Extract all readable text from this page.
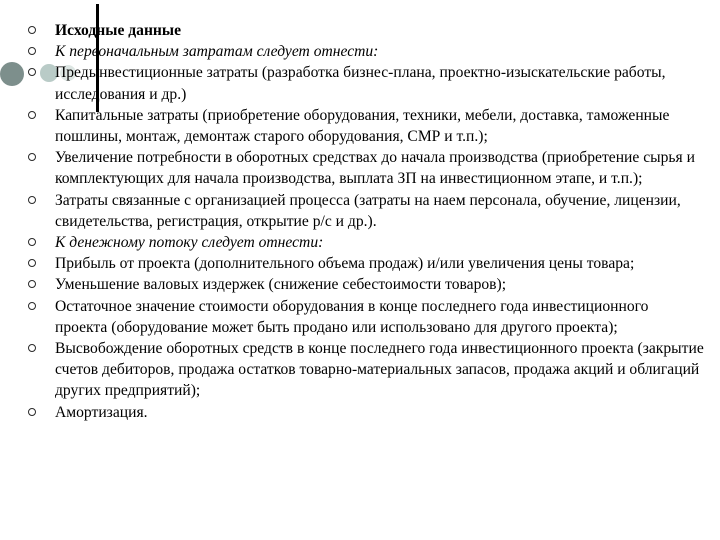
Исходные данные
К первоначальным затратам следует отнести:
Предынвестиционные затраты (разработка бизнес-плана, проектно-изыскательские работы, исследования и др.)
Капитальные затраты (приобретение оборудования, техники, мебели, доставка, таможенные пошлины, монтаж, демонтаж старого оборудования, СМР и т.п.);
Увеличение потребности в оборотных средствах до начала производства (приобретение сырья и комплектующих для начала производства, выплата ЗП на инвестиционном этапе, и т.п.);
Затраты связанные с организацией процесса (затраты на наем персонала, обучение, лицензии, свидетельства, регистрация, открытие р/с и др.).
К денежному потоку следует отнести:
Прибыль от проекта (дополнительного объема продаж) и/или увеличения цены товара;
Уменьшение валовых издержек (снижение себестоимости товаров);
Остаточное значение стоимости оборудования в конце последнего года инвестиционного проекта (оборудование может быть продано или использовано для другого проекта);
Высвобождение оборотных средств в конце последнего года инвестиционного проекта (закрытие счетов дебиторов, продажа остатков товарно-материальных запасов, продажа акций и облигаций других предприятий);
Амортизация.
